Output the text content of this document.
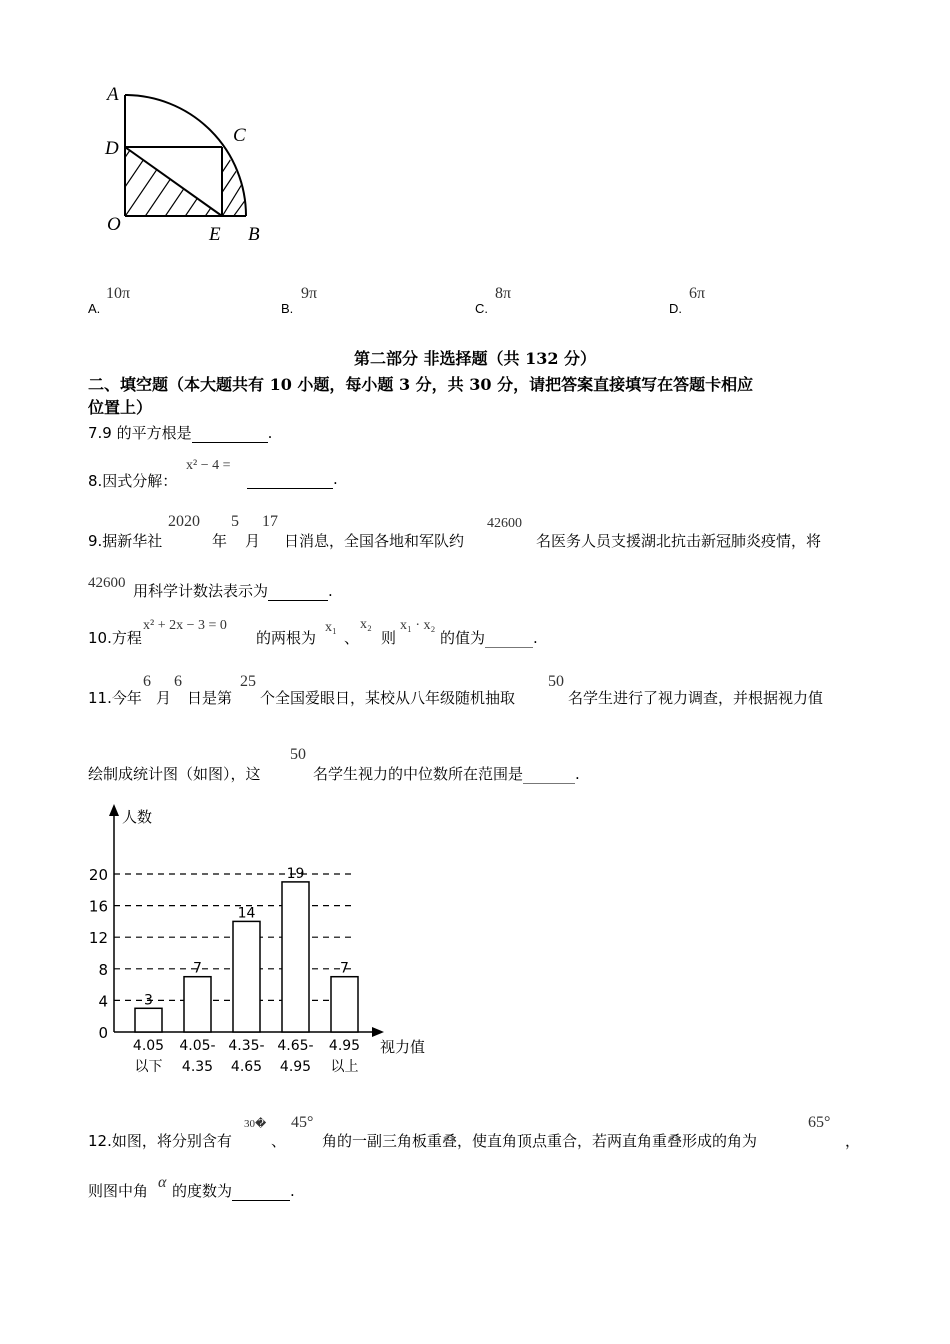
A
D
C
O	E B
A.
10π
B.
9π
C.
8π
D.
6π
第二部分 非选择题（共 132 分）
二、填空题（本大题共有 10 小题，每小题 3 分，共 30 分，请把答案直接填写在答题卡相应
位置上）
7.9 的平方根是	.
8.因式分解：
x² − 4 =
.
9.据新华社
2020
年
5
月
17
日消息，全国各地和军队约
42600
名医务人员支援湖北抗击新冠肺炎疫情，将
42600 用科学计数法表示为	.
10.方程
x² + 2x − 3 = 0
的两根为
x₁
、
x₂
则
x₁ · x₂
的值为	.
11.今年
6
月
6
日是第
25
个全国爱眼日，某校从八年级随机抽取
50
名学生进行了视力调查，并根据视力值
绘制成统计图（如图），这
50
名学生视力的中位数所在范围是	.
20
16
12
8
4
0
人数
视力值
3
4.05
以下
7
4.05-
4.35
14
4.35-
4.65
19
4.65-
4.95
7
4.95
以上
12.如图，将分别含有
30�
、
45°
角的一副三角板重叠，使直角顶点重合，若两直角重叠形成的角为
65°
，
则图中角 α 的度数为	.
